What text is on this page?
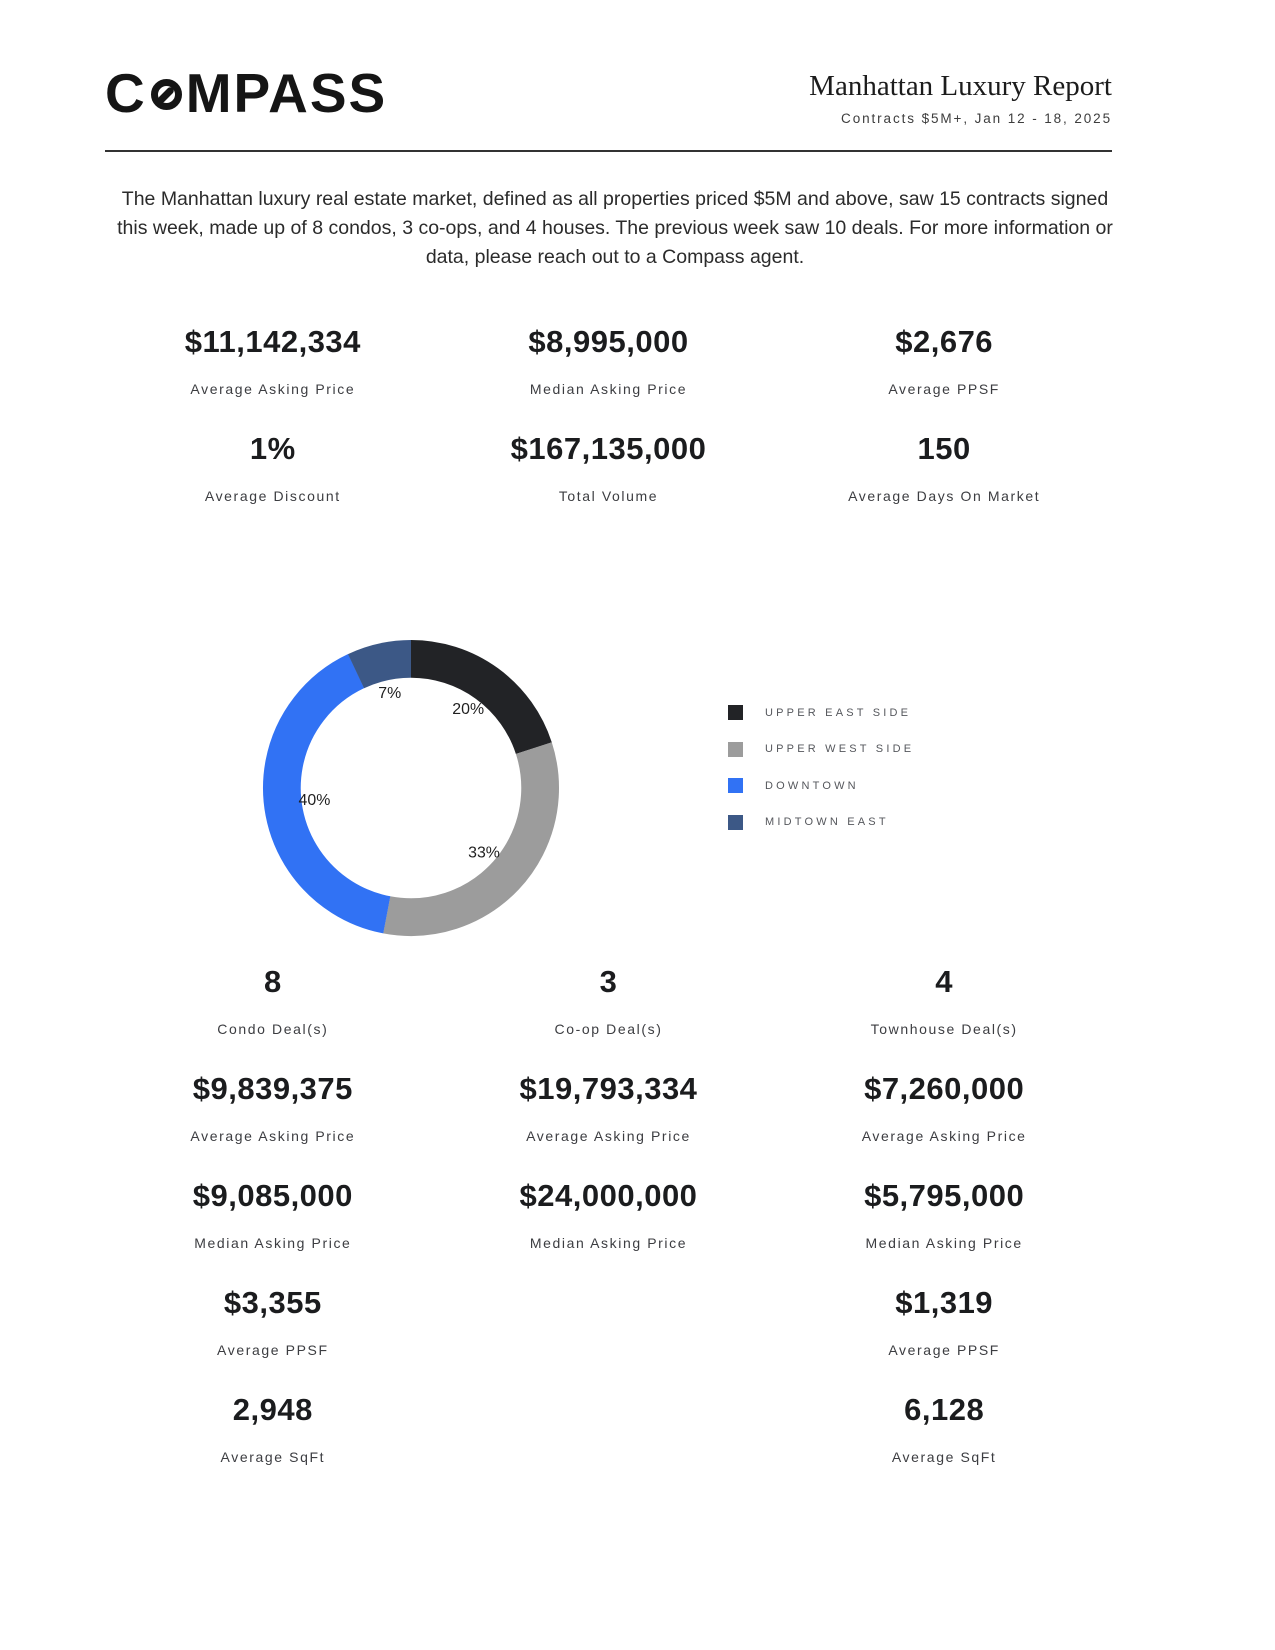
C MPASS	Manhattan Luxury Report
Contracts $5M+, Jan 12 - 18, 2025

The Manhattan luxury real estate market, defined as all properties priced $5M and above, saw 15 contracts signed this week, made up of 8 condos, 3 co-ops, and 4 houses. The previous week saw 10 deals. For more information or data, please reach out to a Compass agent.

$11,142,334
Average Asking Price
$8,995,000
Median Asking Price
$2,676
Average PPSF
1%
Average Discount
$167,135,000
Total Volume
150
Average Days On Market
20%
33%
40%
7%
UPPER EAST SIDE
UPPER WEST SIDE
DOWNTOWN
MIDTOWN EAST
8
Condo Deal(s)
3
Co-op Deal(s)
4
Townhouse Deal(s)
$9,839,375
Average Asking Price
$19,793,334
Average Asking Price
$7,260,000
Average Asking Price
$9,085,000
Median Asking Price
$24,000,000
Median Asking Price
$5,795,000
Median Asking Price
$3,355
Average PPSF
$1,319
Average PPSF
2,948
Average SqFt
6,128
Average SqFt
